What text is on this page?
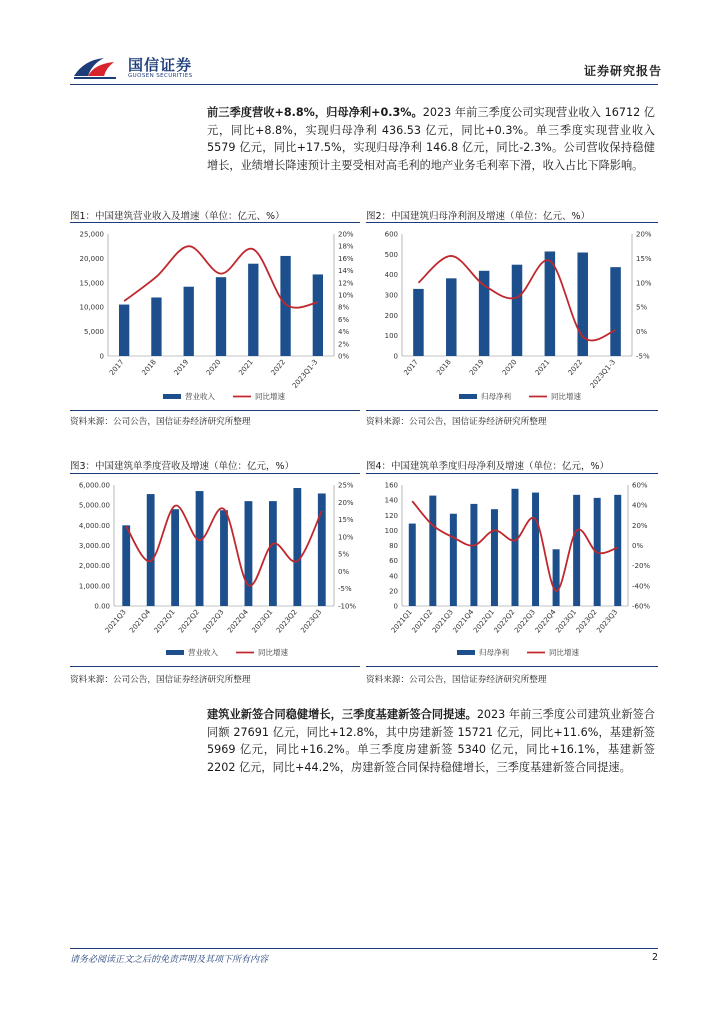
国信证券
GUOSEN SECURITIES	证券研究报告
前三季度营收+8.8%，归母净利+0.3%。2023 年前三季度公司实现营业收入 16712 亿元，同比+8.8%，实现归母净利 436.53 亿元，同比+0.3%。单三季度实现营业收入 5579 亿元，同比+17.5%，实现归母净利 146.8 亿元，同比-2.3%。公司营收保持稳健增长，业绩增长降速预计主要受相对高毛利的地产业务毛利率下滑，收入占比下降影响。
图1：中国建筑营业收入及增速（单位：亿元、%）
0
5,000
10,000
15,000
20,000
25,000
0%
2%
4%
6%
8%
10%
12%
14%
16%
18%
20%
2017 2018 2019 2020 2021 2022 2023Q1-3
营业收入	同比增速
资料来源：公司公告，国信证券经济研究所整理
图2：中国建筑归母净利润及增速（单位：亿元、%）
0
100
200
300
400
500
600
-5%
0%
5%
10%
15%
20%
2017 2018 2019 2020 2021 2022 2023Q1-3
归母净利	同比增速
资料来源：公司公告，国信证券经济研究所整理
图3：中国建筑单季度营收及增速（单位：亿元，%）
0.00
1,000.00
2,000.00
3,000.00
4,000.00
5,000.00
6,000.00
-10%
-5%
0%
5%
10%
15%
20%
25%
2021Q3 2021Q4 2022Q1 2022Q2 2022Q3 2022Q4 2023Q1 2023Q2 2023Q3
营业收入	同比增速
资料来源：公司公告，国信证券经济研究所整理
图4：中国建筑单季度归母净利及增速（单位：亿元，%）
0
20
40
60
80
100
120
140
160
-60%
-40%
-20%
0%
20%
40%
60%
2021Q1
2021Q2
2021Q3
2021Q4
2022Q1
2022Q2
2022Q3
2022Q4
2023Q1
2023Q2
2023Q3
归母净利	同比增速
资料来源：公司公告，国信证券经济研究所整理
建筑业新签合同稳健增长，三季度基建新签合同提速。2023 年前三季度公司建筑业新签合同额 27691 亿元，同比+12.8%，其中房建新签 15721 亿元，同比+11.6%，基建新签 5969 亿元，同比+16.2%。单三季度房建新签 5340 亿元，同比+16.1%，基建新签 2202 亿元，同比+44.2%，房建新签合同保持稳健增长，三季度基建新签合同提速。
请务必阅读正文之后的免责声明及其项下所有内容	2
